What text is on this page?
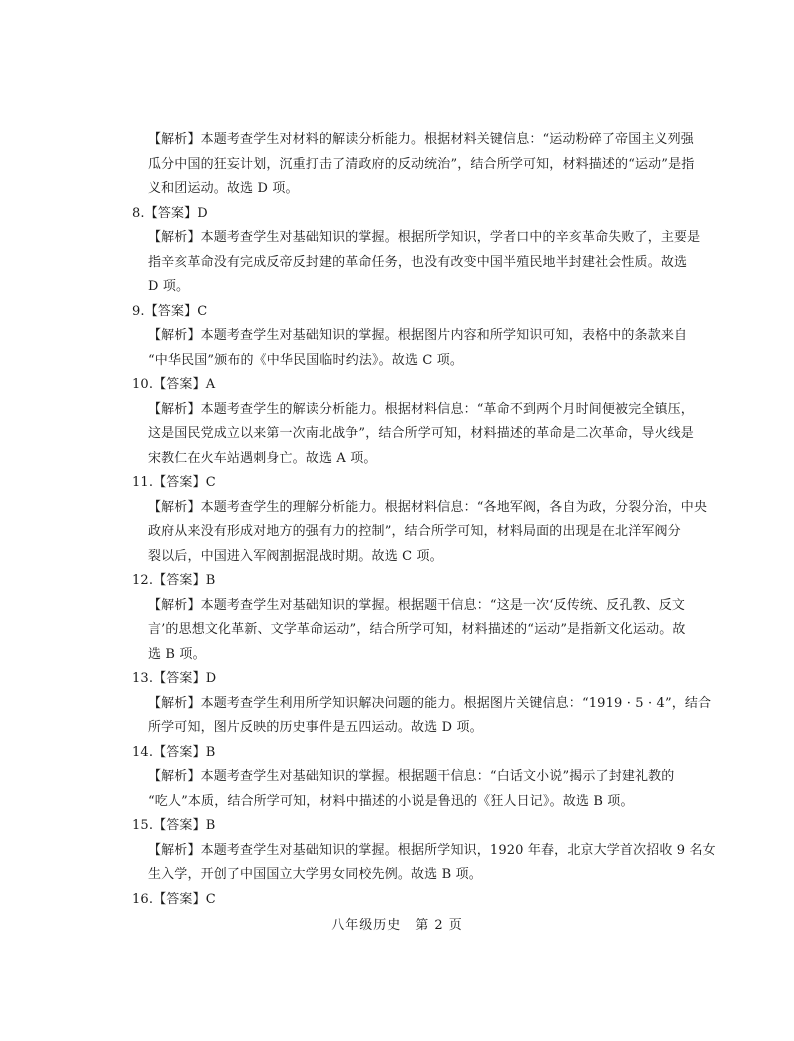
【解析】本题考查学生对材料的解读分析能力。根据材料关键信息：“运动粉碎了帝国主义列强
瓜分中国的狂妄计划，沉重打击了清政府的反动统治”，结合所学可知，材料描述的“运动”是指
义和团运动。故选 D 项。
8.【答案】D
【解析】本题考查学生对基础知识的掌握。根据所学知识，学者口中的辛亥革命失败了，主要是
指辛亥革命没有完成反帝反封建的革命任务，也没有改变中国半殖民地半封建社会性质。故选
D 项。
9.【答案】C
【解析】本题考查学生对基础知识的掌握。根据图片内容和所学知识可知，表格中的条款来自
“中华民国”颁布的《中华民国临时约法》。故选 C 项。
10.【答案】A
【解析】本题考查学生的解读分析能力。根据材料信息：“革命不到两个月时间便被完全镇压，
这是国民党成立以来第一次南北战争”，结合所学可知，材料描述的革命是二次革命，导火线是
宋教仁在火车站遇刺身亡。故选 A 项。
11.【答案】C
【解析】本题考查学生的理解分析能力。根据材料信息：“各地军阀，各自为政，分裂分治，中央
政府从来没有形成对地方的强有力的控制”，结合所学可知，材料局面的出现是在北洋军阀分
裂以后，中国进入军阀割据混战时期。故选 C 项。
12.【答案】B
【解析】本题考查学生对基础知识的掌握。根据题干信息：“这是一次‘反传统、反孔教、反文
言’的思想文化革新、文学革命运动”，结合所学可知，材料描述的“运动”是指新文化运动。故
选 B 项。
13.【答案】D
【解析】本题考查学生利用所学知识解决问题的能力。根据图片关键信息：“1919 · 5 · 4”，结合
所学可知，图片反映的历史事件是五四运动。故选 D 项。
14.【答案】B
【解析】本题考查学生对基础知识的掌握。根据题干信息：“白话文小说”揭示了封建礼教的
“吃人”本质，结合所学可知，材料中描述的小说是鲁迅的《狂人日记》。故选 B 项。
15.【答案】B
【解析】本题考查学生对基础知识的掌握。根据所学知识，1920 年春，北京大学首次招收 9 名女
生入学，开创了中国国立大学男女同校先例。故选 B 项。
16.【答案】C
八年级历史　第 2 页
